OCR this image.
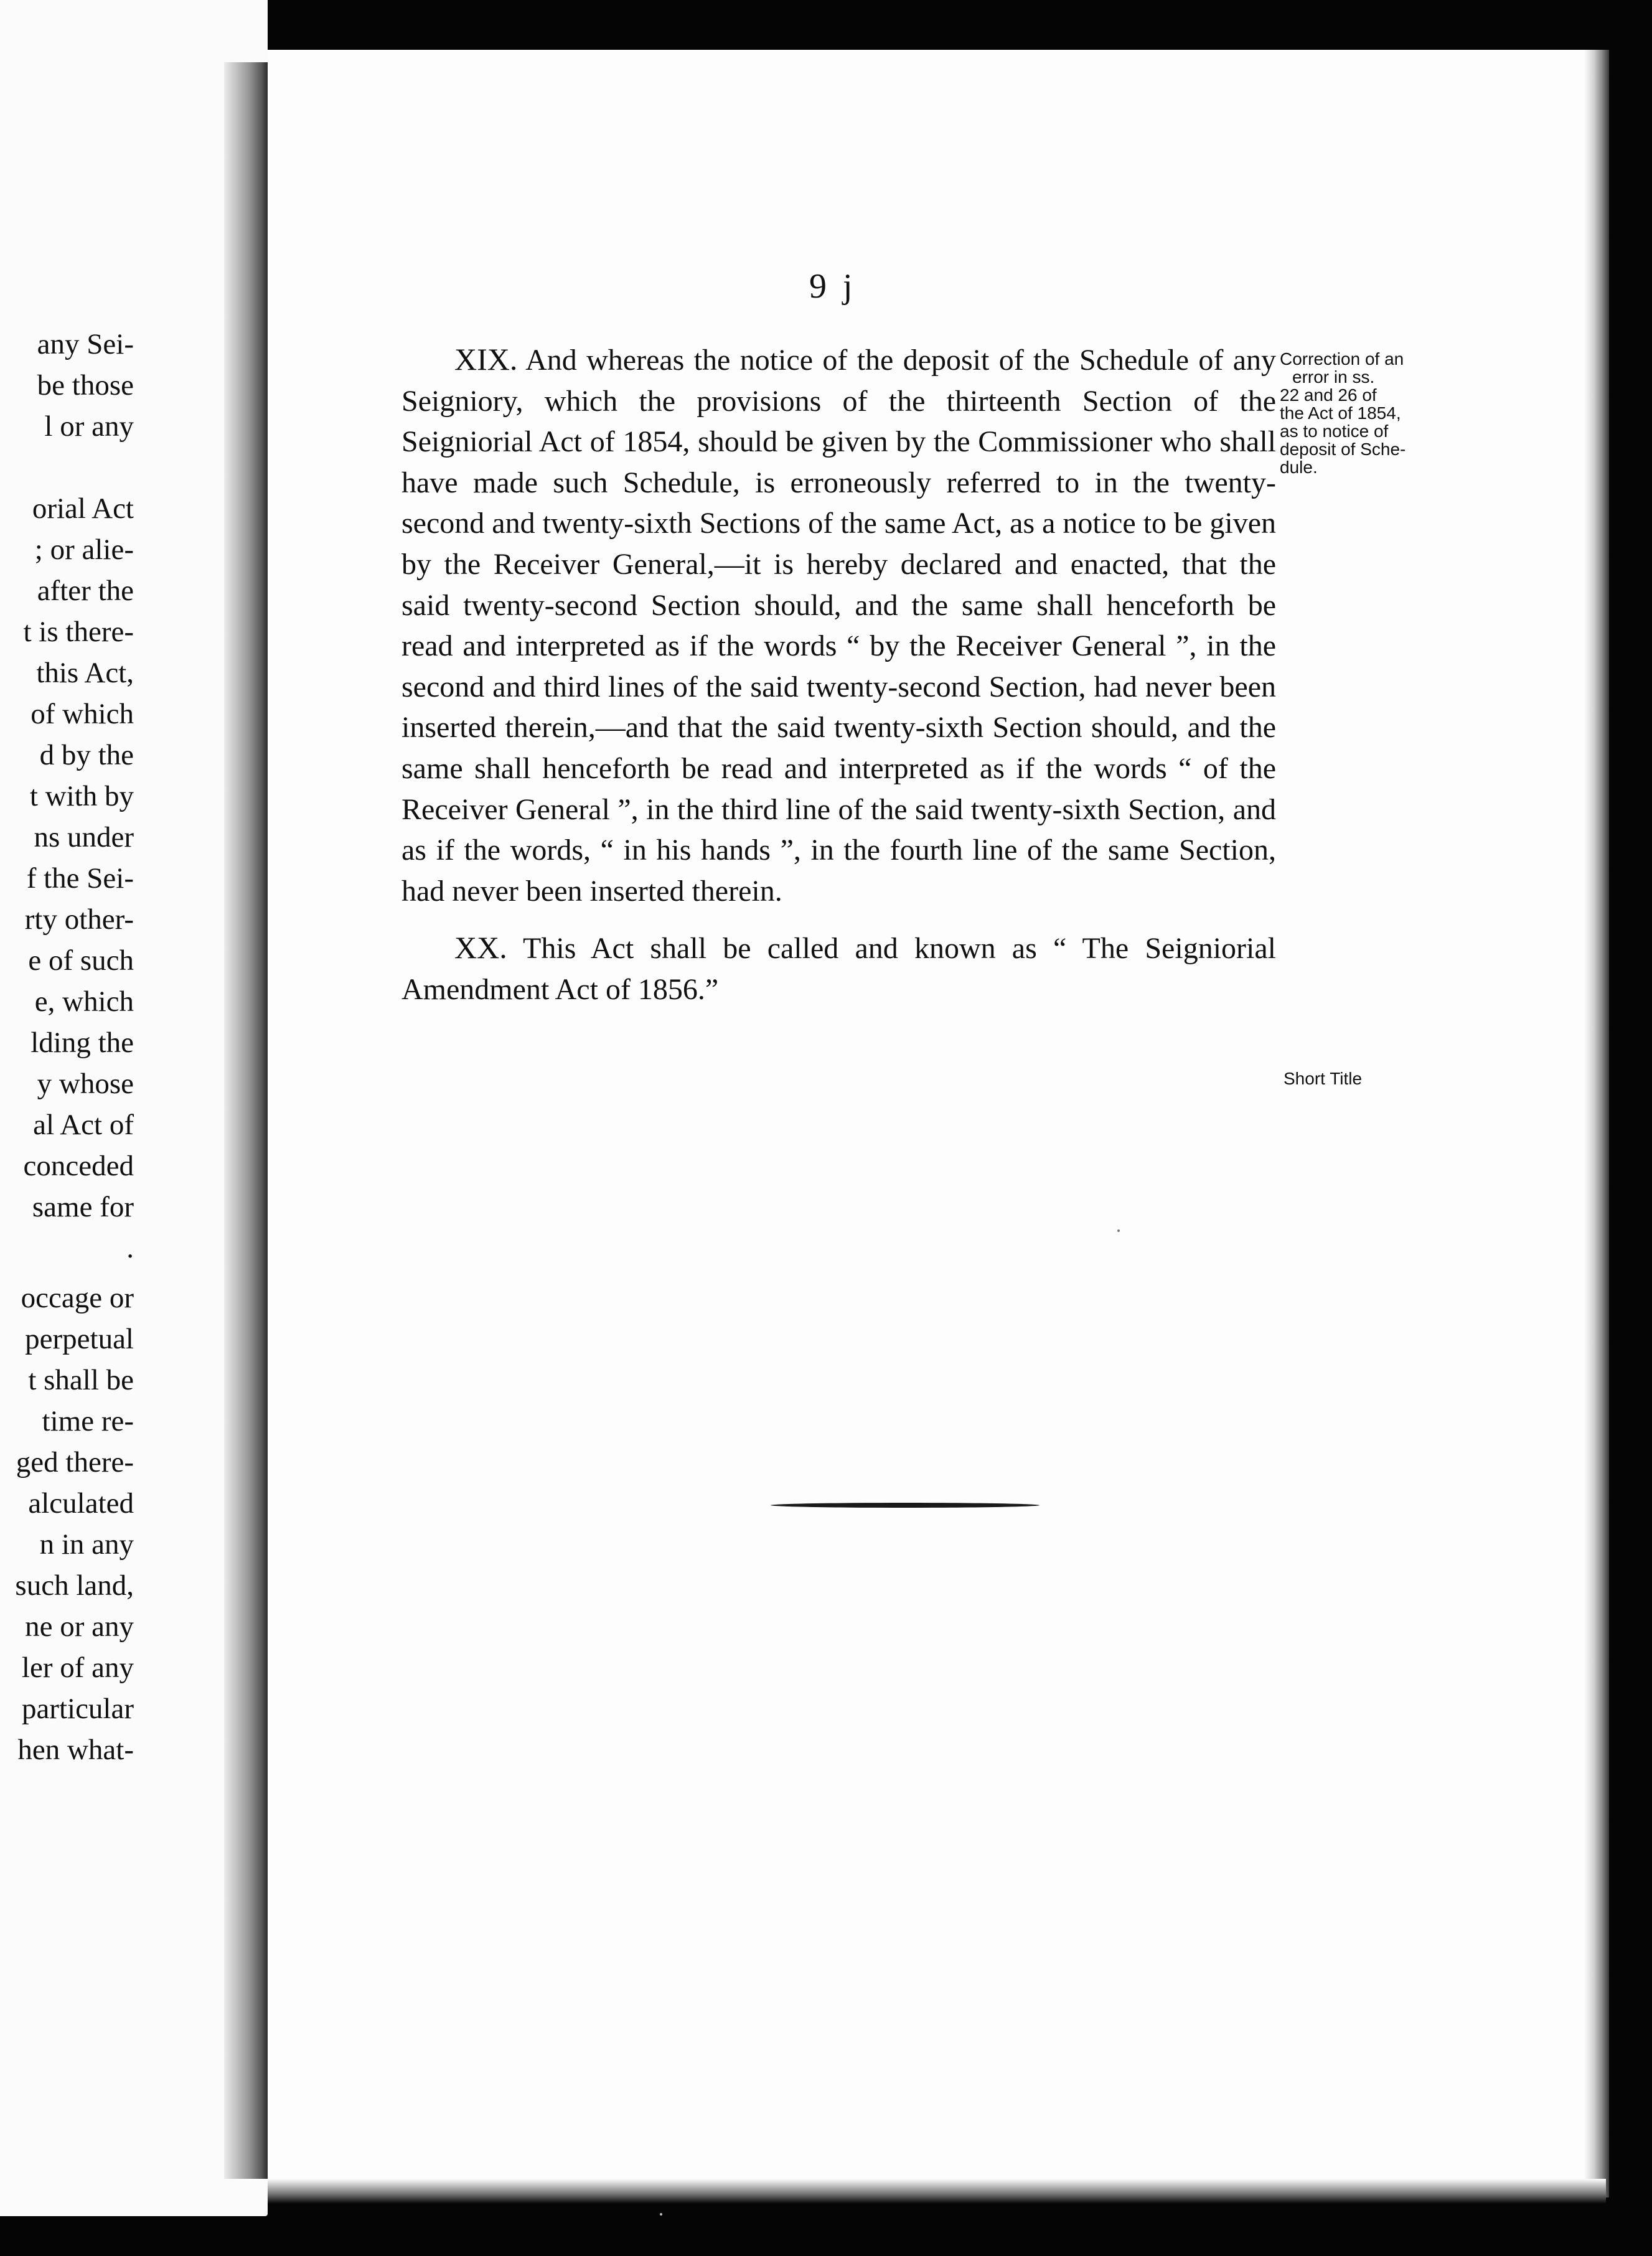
any Sei-
be those
l or any
orial Act
; or alie-
after the
t is there-
this Act,
of which
d by the
t with by
ns under
f the Sei-
rty other-
e of such
e, which
lding the
y whose
al Act of
conceded
same for
.
occage or
perpetual
t shall be
time re-
ged there-
alculated
n in any
such land,
ne or any
ler of any
particular
hen what-
9 j

XIX. And whereas the notice of the deposit of the Schedule of any Seigniory, which the provisions of the thirteenth Section of the Seigniorial Act of 1854, should be given by the Commissioner who shall have made such Schedule, is erroneously referred to in the twenty-second and twenty-sixth Sections of the same Act, as a notice to be given by the Receiver General,—it is hereby declared and enacted, that the said twenty-second Section should, and the same shall henceforth be read and interpreted as if the words “ by the Receiver General ”, in the second and third lines of the said twenty-second Section, had never been inserted therein,—and that the said twenty-sixth Section should, and the same shall henceforth be read and interpreted as if the words “ of the Receiver General ”, in the third line of the said twenty-sixth Section, and as if the words, “ in his hands ”, in the fourth line of the same Section, had never been inserted therein.

XX. This Act shall be called and known as “ The Seigniorial Amendment Act of 1856.”

Correction of an
error in ss.
22 and 26 of
the Act of 1854,
as to notice of
deposit of Sche-
dule.
Short Title
